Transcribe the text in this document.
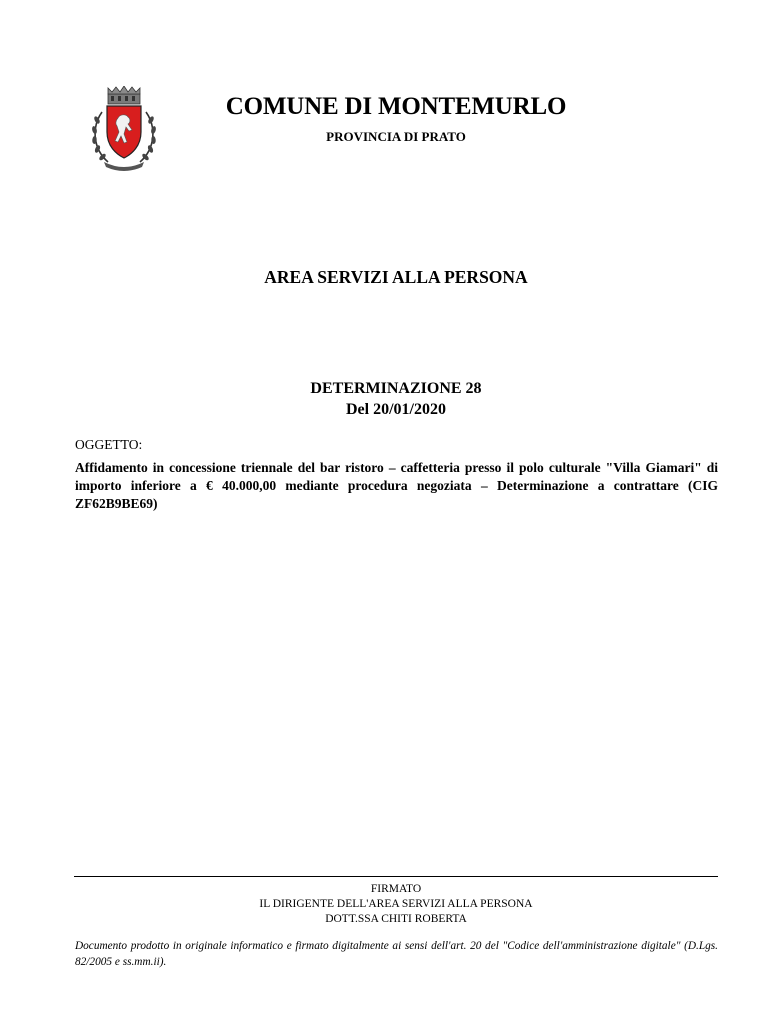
COMUNE DI MONTEMURLO
PROVINCIA DI PRATO
AREA SERVIZI ALLA PERSONA
DETERMINAZIONE 28
Del 20/01/2020
OGGETTO:
Affidamento in concessione triennale del bar ristoro – caffetteria presso il polo culturale "Villa Giamari" di importo inferiore a € 40.000,00 mediante procedura negoziata – Determinazione a contrattare (CIG ZF62B9BE69)
FIRMATO
IL DIRIGENTE DELL'AREA SERVIZI ALLA PERSONA
DOTT.SSA CHITI ROBERTA
Documento prodotto in originale informatico e firmato digitalmente ai sensi dell'art. 20 del "Codice dell'amministrazione digitale" (D.Lgs. 82/2005 e ss.mm.ii).
